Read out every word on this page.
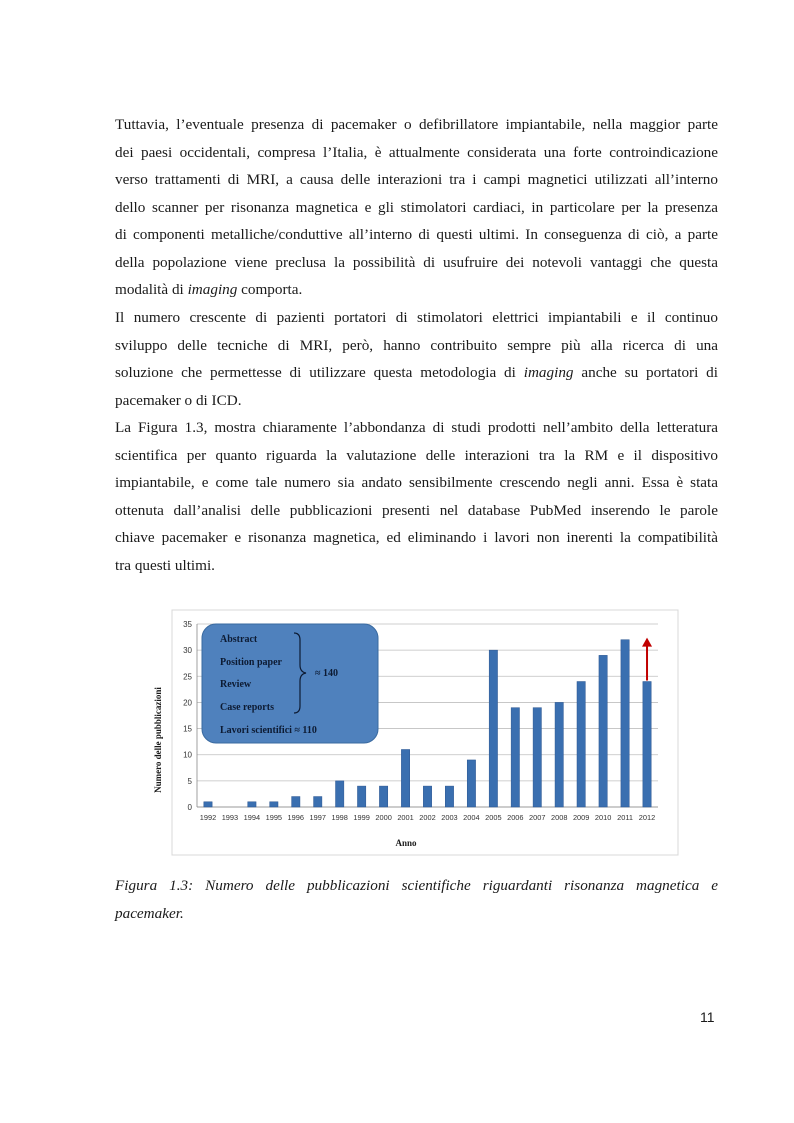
Tuttavia, l’eventuale presenza di pacemaker o defibrillatore impiantabile, nella maggior parte
dei paesi occidentali, compresa l’Italia, è attualmente considerata una forte controindicazione
verso trattamenti di MRI, a causa delle interazioni tra i campi magnetici utilizzati all’interno
dello scanner per risonanza magnetica e gli stimolatori cardiaci, in particolare per la presenza
di componenti metalliche/conduttive all’interno di questi ultimi. In conseguenza di ciò, a parte
della popolazione viene preclusa la possibilità di usufruire dei notevoli vantaggi che questa
modalità di imaging comporta.

Il numero crescente di pazienti portatori di stimolatori elettrici impiantabili e il continuo
sviluppo delle tecniche di MRI, però, hanno contribuito sempre più alla ricerca di una
soluzione che permettesse di utilizzare questa metodologia di imaging anche su portatori di
pacemaker o di ICD.

La Figura 1.3, mostra chiaramente l’abbondanza di studi prodotti nell’ambito della letteratura
scientifica per quanto riguarda la valutazione delle interazioni tra la RM e il dispositivo
impiantabile, e come tale numero sia andato sensibilmente crescendo negli anni. Essa è stata
ottenuta dall’analisi delle pubblicazioni presenti nel database PubMed inserendo le parole
chiave pacemaker e risonanza magnetica, ed eliminando i lavori non inerenti la compatibilità
tra questi ultimi.

0
5
10
15
20
25
30
35
1992 1993 1994 1995 1996 1997 1998 1999 2000 2001 2002 2003 2004 2005 2006 2007 2008 2009 2010 2011 2012
Numero delle pubblicazioni
Anno
Abstract
Position paper
Review
Case reports
≈ 140
Lavori scientifici ≈ 110

Figura 1.3: Numero delle pubblicazioni scientifiche riguardanti risonanza magnetica e
pacemaker.

11
